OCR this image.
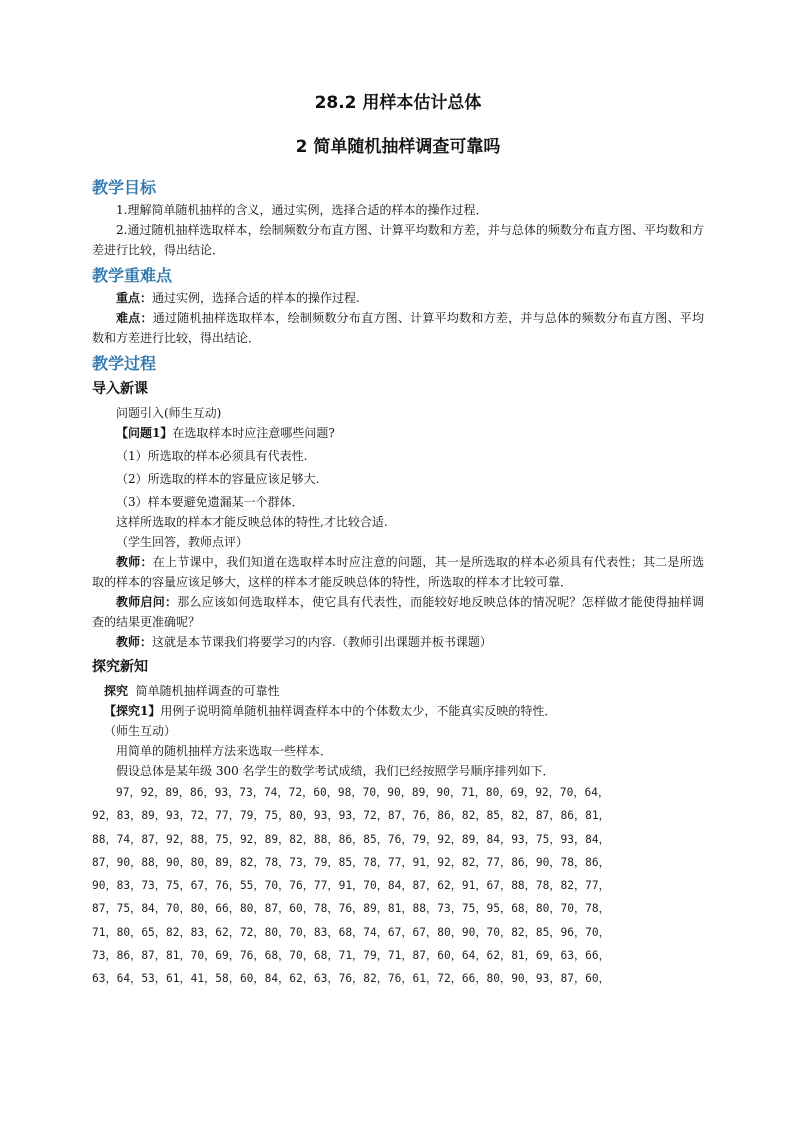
28.2 用样本估计总体
2 简单随机抽样调查可靠吗
教学目标

1.理解简单随机抽样的含义，通过实例，选择合适的样本的操作过程．

2.通过随机抽样选取样本，绘制频数分布直方图、计算平均数和方差，并与总体的频数分布直方图、平均数和方差进行比较，得出结论．

教学重难点

重点：通过实例，选择合适的样本的操作过程.

难点：通过随机抽样选取样本，绘制频数分布直方图、计算平均数和方差，并与总体的频数分布直方图、平均数和方差进行比较，得出结论．

教学过程
导入新课

问题引入(师生互动)

【问题1】在选取样本时应注意哪些问题?

（1）所选取的样本必须具有代表性.

（2）所选取的样本的容量应该足够大.

（3）样本要避免遗漏某一个群体．

这样所选取的样本才能反映总体的特性,才比较合适.

（学生回答，教师点评）

教师：在上节课中，我们知道在选取样本时应注意的问题，其一是所选取的样本必须具有代表性；其二是所选取的样本的容量应该足够大，这样的样本才能反映总体的特性，所选取的样本才比较可靠．

教师启问：那么应该如何选取样本，使它具有代表性，而能较好地反映总体的情况呢？怎样做才能使得抽样调查的结果更准确呢？

教师：这就是本节课我们将要学习的内容.（教师引出课题并板书课题）

探究新知

探究 简单随机抽样调查的可靠性

【探究1】用例子说明简单随机抽样调查样本中的个体数太少，不能真实反映的特性．

（师生互动）

用简单的随机抽样方法来选取一些样本．

假设总体是某年级 300 名学生的数学考试成绩，我们已经按照学号顺序排列如下．

97，92，89，86，93，73，74，72，60，98，70，90，89，90，71，80，69，92，70，64，
92，83，89，93，72，77，79，75，80，93，93，72，87，76，86，82，85，82，87，86，81，
88，74，87，92，88，75，92，89，82，88，86，85，76，79，92，89，84，93，75，93，84，
87，90，88，90，80，89，82，78，73，79，85，78，77，91，92，82，77，86，90，78，86，
90，83，73，75，67，76，55，70，76，77，91，70，84，87，62，91，67，88，78，82，77，
87，75，84，70，80，66，80，87，60，78，76，89，81，88，73，75，95，68，80，70，78，
71，80，65，82，83，62，72，80，70，83，68，74，67，67，80，90，70，82，85，96，70，
73，86，87，81，70，69，76，68，70，68，71，79，71，87，60，64，62，81，69，63，66，
63，64，53，61，41，58，60，84，62，63，76，82，76，61，72，66，80，90，93，87，60，
